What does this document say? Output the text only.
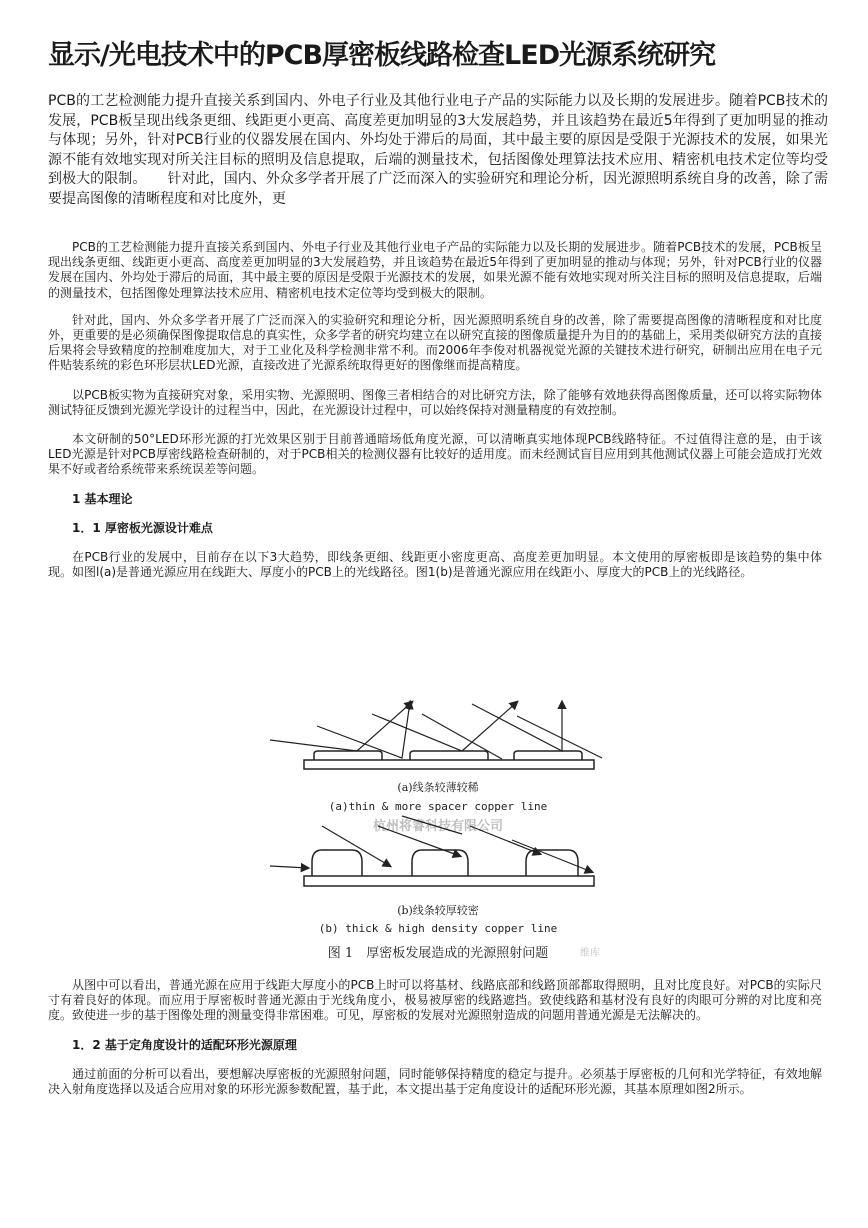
显示/光电技术中的PCB厚密板线路检查LED光源系统研究

PCB的工艺检测能力提升直接关系到国内、外电子行业及其他行业电子产品的实际能力以及长期的发展进步。随着PCB技术的发展，PCB板呈现出线条更细、线距更小更高、高度差更加明显的3大发展趋势，并且该趋势在最近5年得到了更加明显的推动与体现；另外，针对PCB行业的仪器发展在国内、外均处于滞后的局面，其中最主要的原因是受限于光源技术的发展，如果光源不能有效地实现对所关注目标的照明及信息提取，后端的测量技术，包括图像处理算法技术应用、精密机电技术定位等均受到极大的限制。　　针对此，国内、外众多学者开展了广泛而深入的实验研究和理论分析，因光源照明系统自身的改善，除了需要提高图像的清晰程度和对比度外，更

PCB的工艺检测能力提升直接关系到国内、外电子行业及其他行业电子产品的实际能力以及长期的发展进步。随着PCB技术的发展，PCB板呈现出线条更细、线距更小更高、高度差更加明显的3大发展趋势，并且该趋势在最近5年得到了更加明显的推动与体现；另外，针对PCB行业的仪器发展在国内、外均处于滞后的局面，其中最主要的原因是受限于光源技术的发展，如果光源不能有效地实现对所关注目标的照明及信息提取，后端的测量技术，包括图像处理算法技术应用、精密机电技术定位等均受到极大的限制。

针对此，国内、外众多学者开展了广泛而深入的实验研究和理论分析，因光源照明系统自身的改善，除了需要提高图像的清晰程度和对比度外，更重要的是必须确保图像提取信息的真实性，众多学者的研究均建立在以研究直接的图像质量提升为目的的基础上，采用类似研究方法的直接后果将会导致精度的控制难度加大，对于工业化及科学检测非常不利。而2006年李俊对机器视觉光源的关键技术进行研究，研制出应用在电子元件贴装系统的彩色环形层状LED光源，直接改进了光源系统取得更好的图像继而提高精度。

以PCB板实物为直接研究对象，采用实物、光源照明、图像三者相结合的对比研究方法，除了能够有效地获得高图像质量，还可以将实际物体测试特征反馈到光源光学设计的过程当中，因此，在光源设计过程中，可以始终保持对测量精度的有效控制。

本文研制的50°LED环形光源的打光效果区别于目前普通暗场低角度光源，可以清晰真实地体现PCB线路特征。不过值得注意的是，由于该LED光源是针对PCB厚密线路检查研制的，对于PCB相关的检测仪器有比较好的适用度。而未经测试盲目应用到其他测试仪器上可能会造成打光效果不好或者给系统带来系统误差等问题。

1 基本理论

1．1 厚密板光源设计难点

在PCB行业的发展中，目前存在以下3大趋势，即线条更细、线距更小密度更高、高度差更加明显。本文使用的厚密板即是该趋势的集中体现。如图l(a)是普通光源应用在线距大、厚度小的PCB上的光线路径。图1(b)是普通光源应用在线距小、厚度大的PCB上的光线路径。

(a)线条较薄较稀
(a)thin & more spacer copper line
杭州将睿科技有限公司
(b)线条较厚较密
(b) thick & high density copper line
图 1　厚密板发展造成的光源照射问题	维库

从图中可以看出，普通光源在应用于线距大厚度小的PCB上时可以将基材、线路底部和线路顶部都取得照明，且对比度良好。对PCB的实际尺寸有着良好的体现。而应用于厚密板时普通光源由于光线角度小，极易被厚密的线路遮挡。致使线路和基材没有良好的肉眼可分辨的对比度和亮度。致使进一步的基于图像处理的测量变得非常困难。可见，厚密板的发展对光源照射造成的问题用普通光源是无法解决的。

1．2 基于定角度设计的适配环形光源原理

通过前面的分析可以看出，要想解决厚密板的光源照射问题，同时能够保持精度的稳定与提升。必须基于厚密板的几何和光学特征，有效地解决入射角度选择以及适合应用对象的环形光源参数配置，基于此，本文提出基于定角度设计的适配环形光源，其基本原理如图2所示。
